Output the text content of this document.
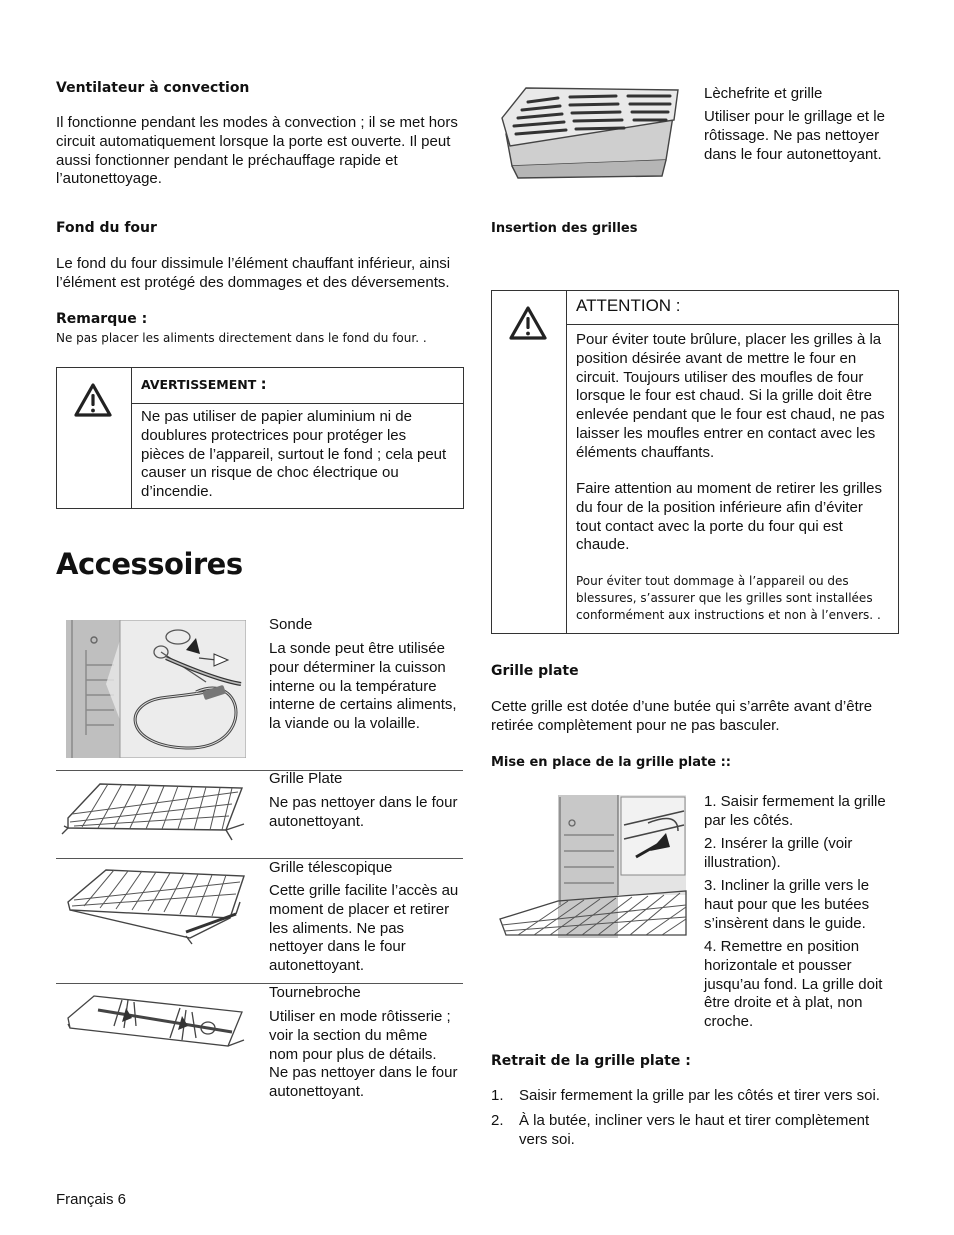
Ventilateur à convection
Il fonctionne pendant les modes à convection ; il se met hors circuit automatiquement lorsque la porte est ouverte. Il peut aussi fonctionner pendant le préchauffage rapide et l’autonettoyage.
Fond du four
Le fond du four dissimule l’élément chauffant inférieur, ainsi l’élément est protégé des dommages et des déversements.
Remarque :
Ne pas placer les aliments directement dans le fond du four. .
AVERTISSEMENT :
Ne pas utiliser de papier aluminium ni de doublures protectrices pour protéger les pièces de l’appareil, surtout le fond ; cela peut causer un risque de choc électrique ou d’incendie.
Accessoires
Sonde
La sonde peut être utilisée pour déterminer la cuisson interne ou la température interne de certains aliments, la viande ou la volaille.
Grille Plate
Ne pas nettoyer dans le four autonettoyant.
Grille télescopique
Cette grille facilite l’accès au moment de placer et retirer les aliments. Ne pas nettoyer dans le four autonettoyant.
Tournebroche
Utiliser en mode rôtisserie ; voir la section du même nom pour plus de détails. Ne pas nettoyer dans le four autonettoyant.
Français 6
Lèchefrite et grille
Utiliser pour le grillage et le rôtissage. Ne pas nettoyer dans le four autonettoyant.
Insertion des grilles
ATTENTION :
Pour éviter toute brûlure, placer les grilles à la position désirée avant de mettre le four en circuit. Toujours utiliser des moufles de four lorsque le four est chaud. Si la grille doit être enlevée pendant que le four est chaud, ne pas laisser les moufles entrer en contact avec les éléments chauffants.
Faire attention au moment de retirer les grilles du four de la position inférieure afin d’éviter tout contact avec la porte du four qui est chaude.
Pour éviter tout dommage à l’appareil ou des blessures, s’assurer que les grilles sont installées conformément aux instructions et non à l’envers. .
Grille plate
Cette grille est dotée d’une butée qui s’arrête avant d’être retirée complètement pour ne pas basculer.
Mise en place de la grille plate ::
1. Saisir fermement la grille par les côtés.
2. Insérer la grille (voir illustration).
3. Incliner la grille vers le haut pour que les butées s’insèrent dans le guide.
4. Remettre en position horizontale et pousser jusqu’au fond. La grille doit être droite et à plat, non croche.
Retrait de la grille plate :
1. Saisir fermement la grille par les côtés et tirer vers soi.
2. À la butée, incliner vers le haut et tirer complètement vers soi.
